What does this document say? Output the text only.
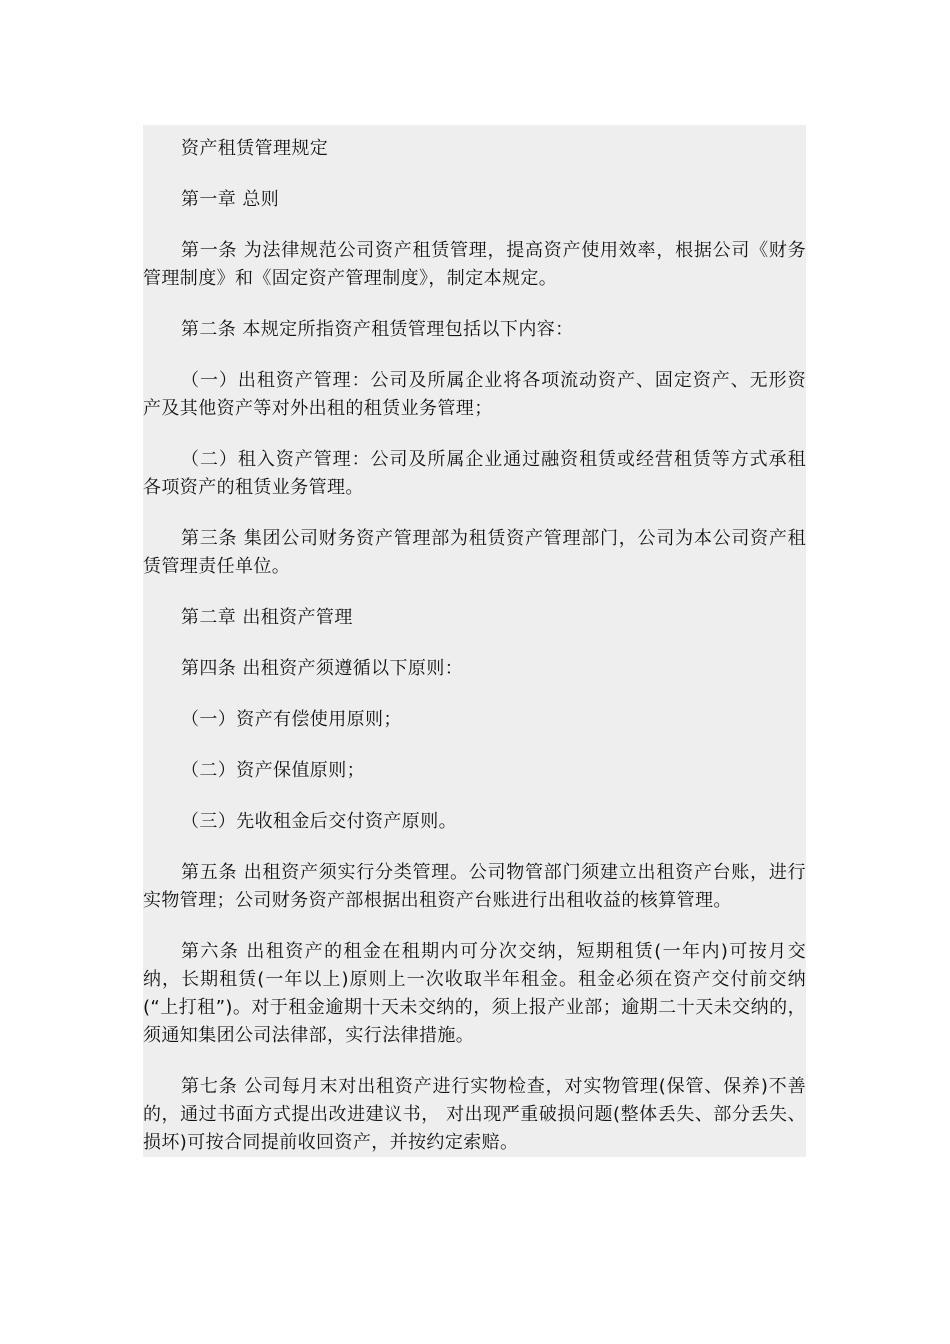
资产租赁管理规定

第一章 总则

第一条 为法律规范公司资产租赁管理，提高资产使用效率，根据公司《财务管理制度》和《固定资产管理制度》，制定本规定。

第二条 本规定所指资产租赁管理包括以下内容：

（一）出租资产管理：公司及所属企业将各项流动资产、固定资产、无形资产及其他资产等对外出租的租赁业务管理；

（二）租入资产管理：公司及所属企业通过融资租赁或经营租赁等方式承租各项资产的租赁业务管理。

第三条 集团公司财务资产管理部为租赁资产管理部门，公司为本公司资产租赁管理责任单位。

第二章 出租资产管理

第四条 出租资产须遵循以下原则：

（一）资产有偿使用原则；

（二）资产保值原则；

（三）先收租金后交付资产原则。

第五条 出租资产须实行分类管理。公司物管部门须建立出租资产台账，进行实物管理；公司财务资产部根据出租资产台账进行出租收益的核算管理。

第六条 出租资产的租金在租期内可分次交纳，短期租赁(一年内)可按月交纳，长期租赁(一年以上)原则上一次收取半年租金。租金必须在资产交付前交纳(“上打租”)。对于租金逾期十天未交纳的，须上报产业部；逾期二十天未交纳的，须通知集团公司法律部，实行法律措施。

第七条 公司每月末对出租资产进行实物检查，对实物管理(保管、保养)不善的，通过书面方式提出改进建议书， 对出现严重破损问题(整体丢失、部分丢失、损坏)可按合同提前收回资产，并按约定索赔。
